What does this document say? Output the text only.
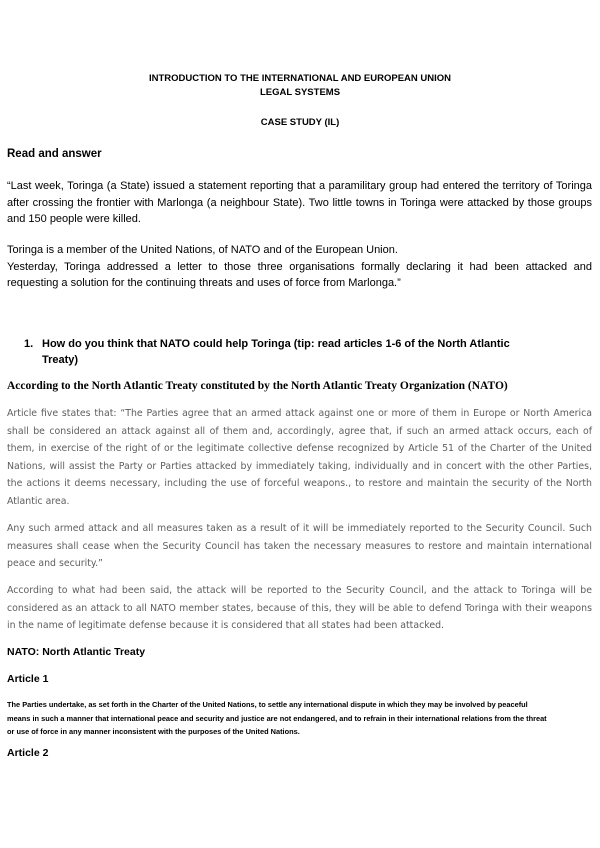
INTRODUCTION TO THE INTERNATIONAL AND EUROPEAN UNION
LEGAL SYSTEMS
CASE STUDY (IL)
Read and answer

“Last week, Toringa (a State) issued a statement reporting that a paramilitary group had entered the territory of Toringa after crossing the frontier with Marlonga (a neighbour State). Two little towns in Toringa were attacked by those groups and 150 people were killed.

Toringa is a member of the United Nations, of NATO and of the European Union.
Yesterday, Toringa addressed a letter to those three organisations formally declaring it had been attacked and requesting a solution for the continuing threats and uses of force from Marlonga.”
1. How do you think that NATO could help Toringa (tip: read articles 1-6 of the North Atlantic Treaty)
According to the North Atlantic Treaty constituted by the North Atlantic Treaty Organization (NATO)

Article five states that: “The Parties agree that an armed attack against one or more of them in Europe or North America shall be considered an attack against all of them and, accordingly, agree that, if such an armed attack occurs, each of them, in exercise of the right of or the legitimate collective defense recognized by Article 51 of the Charter of the United Nations, will assist the Party or Parties attacked by immediately taking, individually and in concert with the other Parties, the actions it deems necessary, including the use of forceful weapons., to restore and maintain the security of the North Atlantic area.

Any such armed attack and all measures taken as a result of it will be immediately reported to the Security Council. Such measures shall cease when the Security Council has taken the necessary measures to restore and maintain international peace and security.”

According to what had been said, the attack will be reported to the Security Council, and the attack to Toringa will be considered as an attack to all NATO member states, because of this, they will be able to defend Toringa with their weapons in the name of legitimate defense because it is considered that all states had been attacked.

NATO: North Atlantic Treaty
Article 1

The Parties undertake, as set forth in the Charter of the United Nations, to settle any international dispute in which they may be involved by peaceful means in such a manner that international peace and security and justice are not endangered, and to refrain in their international relations from the threat or use of force in any manner inconsistent with the purposes of the United Nations.

Article 2
